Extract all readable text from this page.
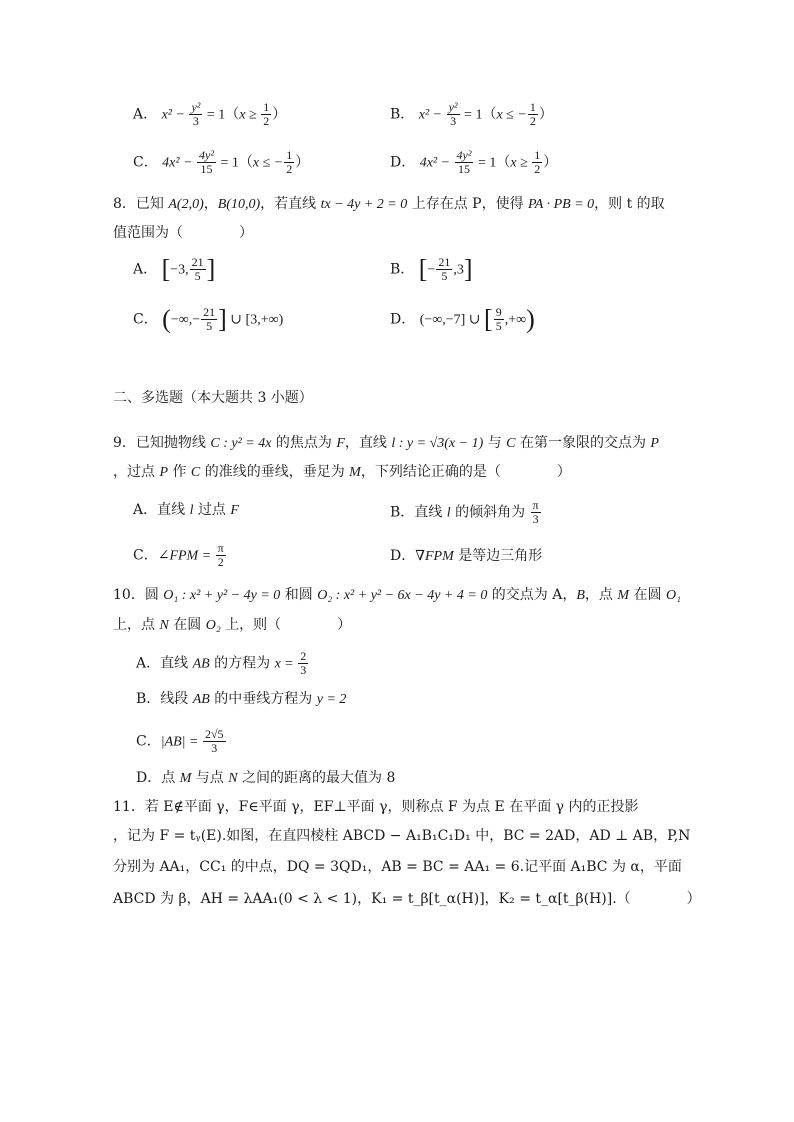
A． $x^2 - \frac{\text{y²}}{3} = 1(x \ge \frac{1}{2}$ ）	B． $x^2 - \frac{\text{y²}}{3} = 1(x$ ≤ − $\frac{1}{2}$ ）
C． $4x^2 - \frac{\text{4y²}}{15} = 1(x$ ≤ − $\frac{1}{2}$ ）	D． $4x^2 - \frac{\text{4y²}}{15} = 1(x \ge \frac{1}{2}$ ）
8．已知 A(2,0)，B(10,0)，若直线 tx − 4y + 2 = 0 上存在点 P，使得 PA · PB = 0，则 t 的取
值范围为（　　　　）
A． [−3, $\frac{21}{5}$ ]	B． [− $\frac{21}{5} ,3$]
C． (−∞,− $\frac{21}{5}$ ] ∪ [3,+∞)	D． (−∞,−7] ∪ [ $\frac{9}{5}$ ,+∞)
二、多选题（本大题共 3 小题）
9．已知抛物线 C : y² = 4x 的焦点为 F，直线 l : y = √3(x − 1) 与 C 在第一象限的交点为 P
，过点 P 作 C 的准线的垂线，垂足为 M，下列结论正确的是（　　　　）
A．直线 l 过点 F	B．直线 l 的倾斜角为 $\frac{\pi}{3}$
C．∠FPM = $\frac{\pi}{2}$	D．∇FPM 是等边三角形
10．圆 O₁ : x² + y² − 4y = 0 和圆 O₂ : x² + y² − 6x − 4y + 4 = 0 的交点为 A，B，点 M 在圆 O₁
上，点 N 在圆 O₂ 上，则（　　　　）
A．直线 AB 的方程为 $x = \frac{2}{3}$
B．线段 AB 的中垂线方程为 y = 2
C．$|AB| = \frac{2√5}{3}$
D．点 M 与点 N 之间的距离的最大值为 8
11．若 E∉平面 γ，F∈平面 γ，EF⊥平面 γ，则称点 F 为点 E 在平面 γ 内的正投影
，记为 F = tᵧ(E).如图，在直四棱柱 ABCD − A₁B₁C₁D₁ 中，BC = 2AD，AD ⊥ AB，P,N
分别为 AA₁，CC₁ 的中点，DQ = 3QD₁，AB = BC = AA₁ = 6.记平面 A₁BC 为 α，平面
ABCD 为 β，AH = λAA₁(0 < λ < 1)，K₁ = t_β[t_α(H)]，K₂ = t_α[t_β(H)].（　　　　）
